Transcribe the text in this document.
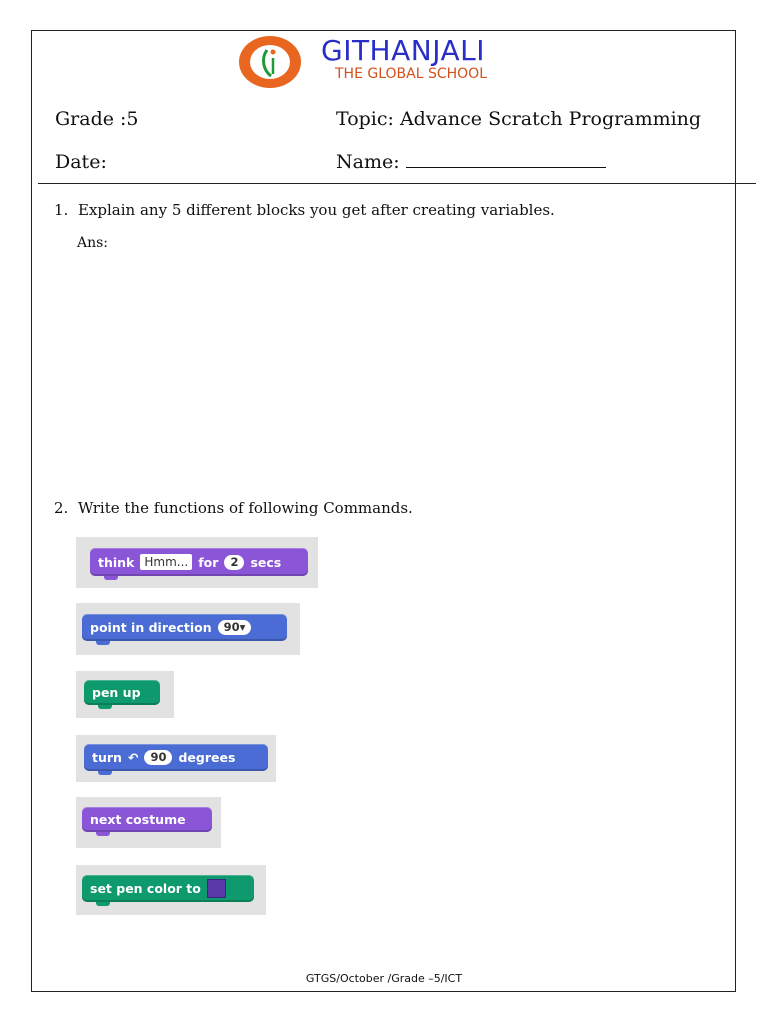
GITHANJALI
THE GLOBAL SCHOOL
Grade :5	Topic: Advance Scratch Programming
Date:	Name:
1. Explain any 5 different blocks you get after creating variables.
Ans:
2. Write the functions of following Commands.
think Hmm... for	2 secs
point in direction	90▾
pen up
turn ↶	90 degrees
next costume
set pen color to
GTGS/October /Grade –5/ICT
